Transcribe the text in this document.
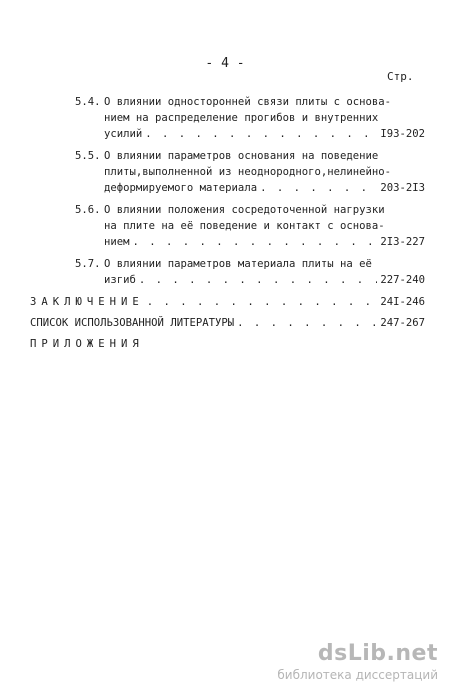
- 4 -
Стр.
5.4. О влиянии односторонней связи плиты с основа-
нием на распределение прогибов и внутренних
усилий . . .	I93-202
5.5. О влиянии параметров основания на поведение
плиты,выполненной из неоднородного,нелинейно-
деформируемого материала . . .	203-2I3
5.6. О влиянии положения сосредоточенной нагрузки
на плите на её поведение и контакт с основа-
нием . . .	2I3-227
5.7. О влиянии параметров материала плиты на её
изгиб . . .	227-240
ЗАКЛЮЧЕНИЕ . . .	24I-246
СПИСОК ИСПОЛЬЗОВАННОЙ ЛИТЕРАТУРЫ . . .	247-267
ПРИЛОЖЕНИЯ
dsLib.net
библиотека диссертаций
